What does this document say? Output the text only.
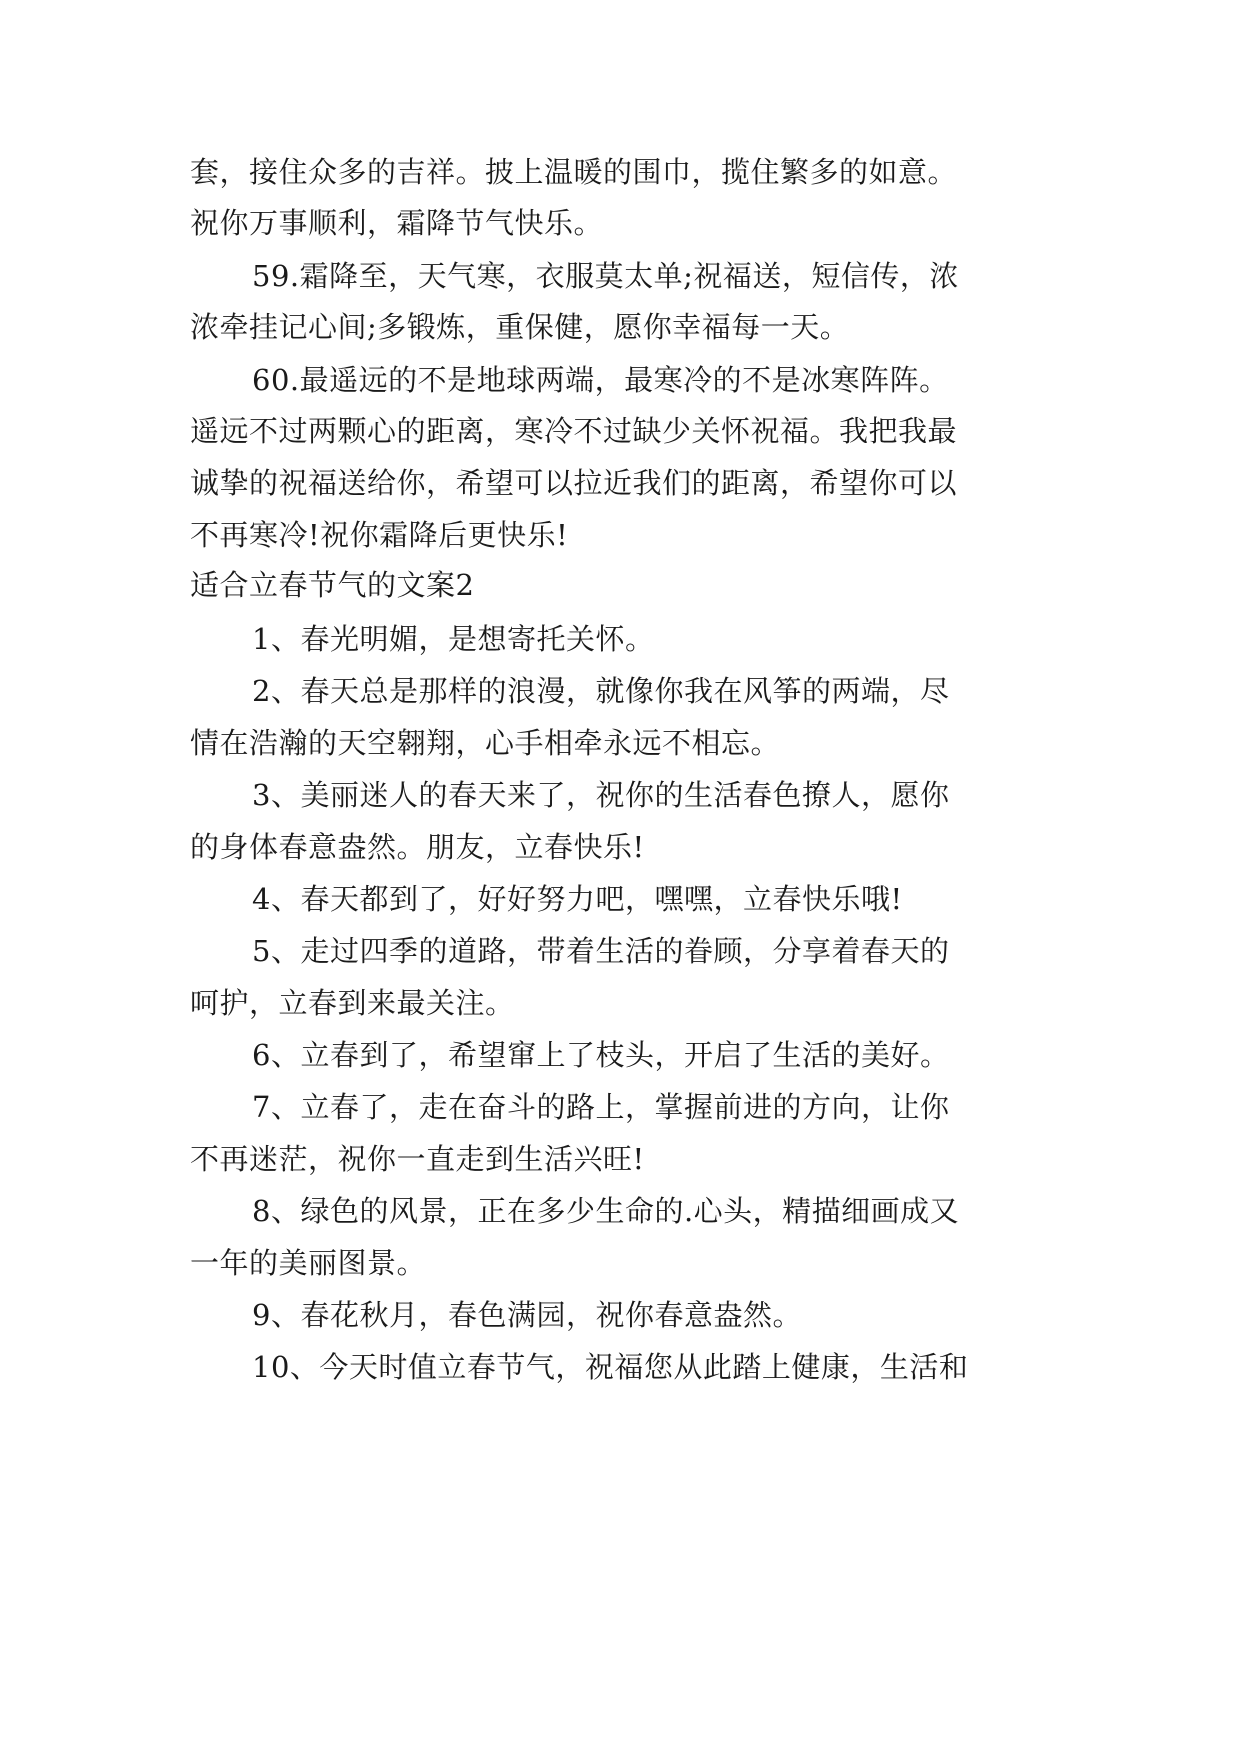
套，接住众多的吉祥。披上温暖的围巾，揽住繁多的如意。
祝你万事顺利，霜降节气快乐。
59.霜降至，天气寒，衣服莫太单;祝福送，短信传，浓
浓牵挂记心间;多锻炼，重保健，愿你幸福每一天。
60.最遥远的不是地球两端，最寒冷的不是冰寒阵阵。
遥远不过两颗心的距离，寒冷不过缺少关怀祝福。我把我最
诚挚的祝福送给你，希望可以拉近我们的距离，希望你可以
不再寒冷!祝你霜降后更快乐!
适合立春节气的文案2
1、春光明媚，是想寄托关怀。
2、春天总是那样的浪漫，就像你我在风筝的两端，尽
情在浩瀚的天空翱翔，心手相牵永远不相忘。
3、美丽迷人的春天来了，祝你的生活春色撩人，愿你
的身体春意盎然。朋友，立春快乐!
4、春天都到了，好好努力吧，嘿嘿，立春快乐哦!
5、走过四季的道路，带着生活的眷顾，分享着春天的
呵护，立春到来最关注。
6、立春到了，希望窜上了枝头，开启了生活的美好。
7、立春了，走在奋斗的路上，掌握前进的方向，让你
不再迷茫，祝你一直走到生活兴旺!
8、绿色的风景，正在多少生命的.心头，精描细画成又
一年的美丽图景。
9、春花秋月，春色满园，祝你春意盎然。
10、今天时值立春节气，祝福您从此踏上健康，生活和
